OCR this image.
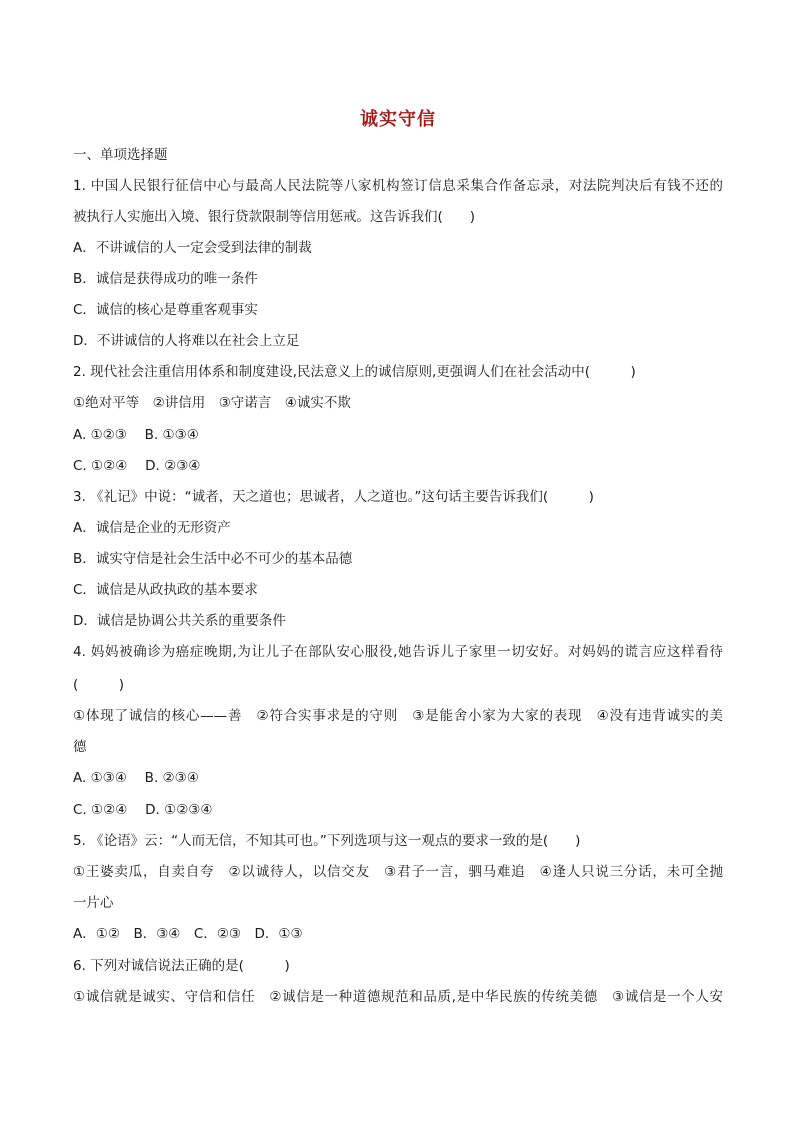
诚实守信
一、单项选择题
1. 中国人民银行征信中心与最高人民法院等八家机构签订信息采集合作备忘录，对法院判决后有钱不还的
被执行人实施出入境、银行贷款限制等信用惩戒。这告诉我们(　　)
A．不讲诚信的人一定会受到法律的制裁
B．诚信是获得成功的唯一条件
C．诚信的核心是尊重客观事实
D．不讲诚信的人将难以在社会上立足
2. 现代社会注重信用体系和制度建设,民法意义上的诚信原则,更强调人们在社会活动中(　　　)
①绝对平等　②讲信用　③守诺言　④诚实不欺
A. ①②③　 B. ①③④
C. ①②④　 D. ②③④
3. 《礼记》中说：“诚者，天之道也；思诚者，人之道也。”这句话主要告诉我们(　　　)
A．诚信是企业的无形资产
B．诚实守信是社会生活中必不可少的基本品德
C．诚信是从政执政的基本要求
D．诚信是协调公共关系的重要条件
4. 妈妈被确诊为癌症晚期,为让儿子在部队安心服役,她告诉儿子家里一切安好。对妈妈的谎言应这样看待
(　　　)
①体现了诚信的核心——善　②符合实事求是的守则　③是能舍小家为大家的表现　④没有违背诚实的美
德
A. ①③④　 B. ②③④
C. ①②④　 D. ①②③④
5. 《论语》云：“人而无信，不知其可也。”下列选项与这一观点的要求一致的是(　　)
①王婆卖瓜，自卖自夸　②以诚待人，以信交友　③君子一言，驷马难追　④逢人只说三分话，未可全抛
一片心
A．①②　B．③④　C．②③　D．①③
6. 下列对诚信说法正确的是(　　　)
①诚信就是诚实、守信和信任　②诚信是一种道德规范和品质,是中华民族的传统美德　③诚信是一个人安
